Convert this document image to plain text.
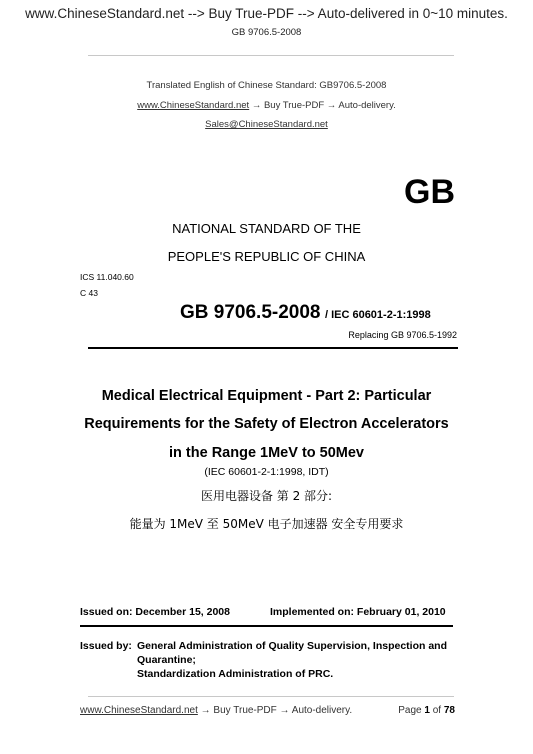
www.ChineseStandard.net --> Buy True-PDF --> Auto-delivered in 0~10 minutes.
GB 9706.5-2008
Translated English of Chinese Standard: GB9706.5-2008
www.ChineseStandard.net → Buy True-PDF → Auto-delivery.
Sales@ChineseStandard.net
GB
NATIONAL STANDARD OF THE
PEOPLE'S REPUBLIC OF CHINA
ICS 11.040.60
C 43
GB 9706.5-2008 / IEC 60601-2-1:1998
Replacing GB 9706.5-1992
Medical Electrical Equipment - Part 2: Particular
Requirements for the Safety of Electron Accelerators
in the Range 1MeV to 50Mev
(IEC 60601-2-1:1998, IDT)
医用电器设备 第 2 部分:
能量为 1MeV 至 50MeV 电子加速器 安全专用要求
Issued on: December 15, 2008	Implemented on: February 01, 2010
Issued by: General Administration of Quality Supervision, Inspection and
Quarantine;
Standardization Administration of PRC.
www.ChineseStandard.net → Buy True-PDF → Auto-delivery.	Page 1 of 78
